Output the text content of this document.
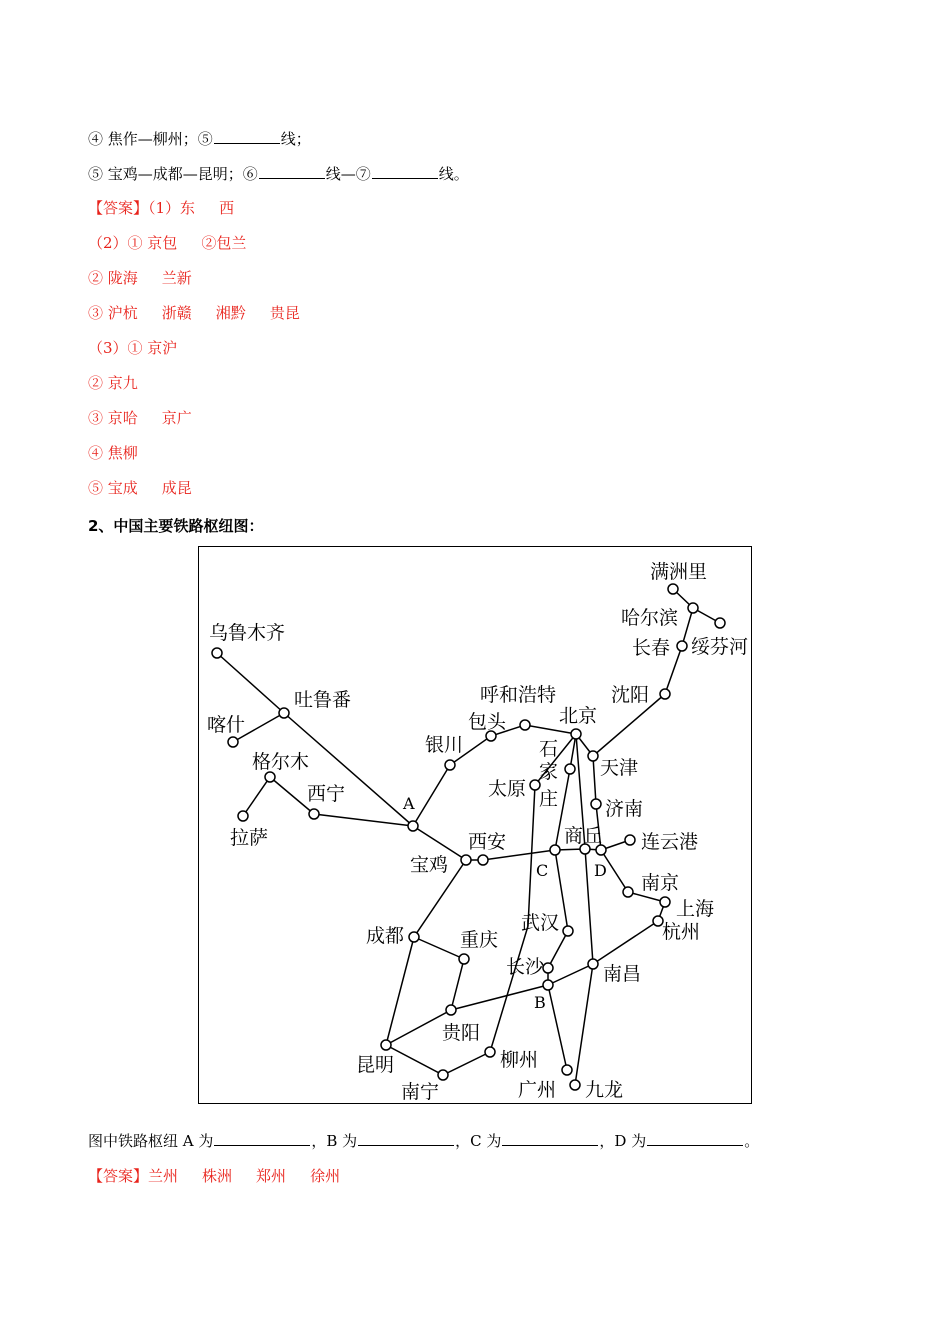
④ 焦作—柳州；⑤	线；
⑤ 宝鸡—成都—昆明；⑥	线—⑦	线。
【答案】（1）东 西
（2）① 京包 ②包兰
② 陇海 兰新
③ 沪杭 浙赣 湘黔 贵昆
（3）① 京沪
② 京九
③ 京哈 京广
④ 焦柳
⑤ 宝成 成昆
2、中国主要铁路枢纽图：
满洲里
哈尔滨
长春 绥芬河
沈阳
呼和浩特
包头	北京
乌鲁木齐
吐鲁番
喀什
格尔木
银川	石
家
庄
天津
太原
西宁
拉萨
济南
商丘 连云港
西安
宝鸡
南京
上海
杭州
武汉
成都	重庆
长沙	南昌
贵阳
昆明	柳州
南宁	广州 九龙
A
B
C	D
图中铁路枢纽 A 为	，B 为	，C 为	，D 为	。
【答案】兰州 株洲 郑州 徐州
